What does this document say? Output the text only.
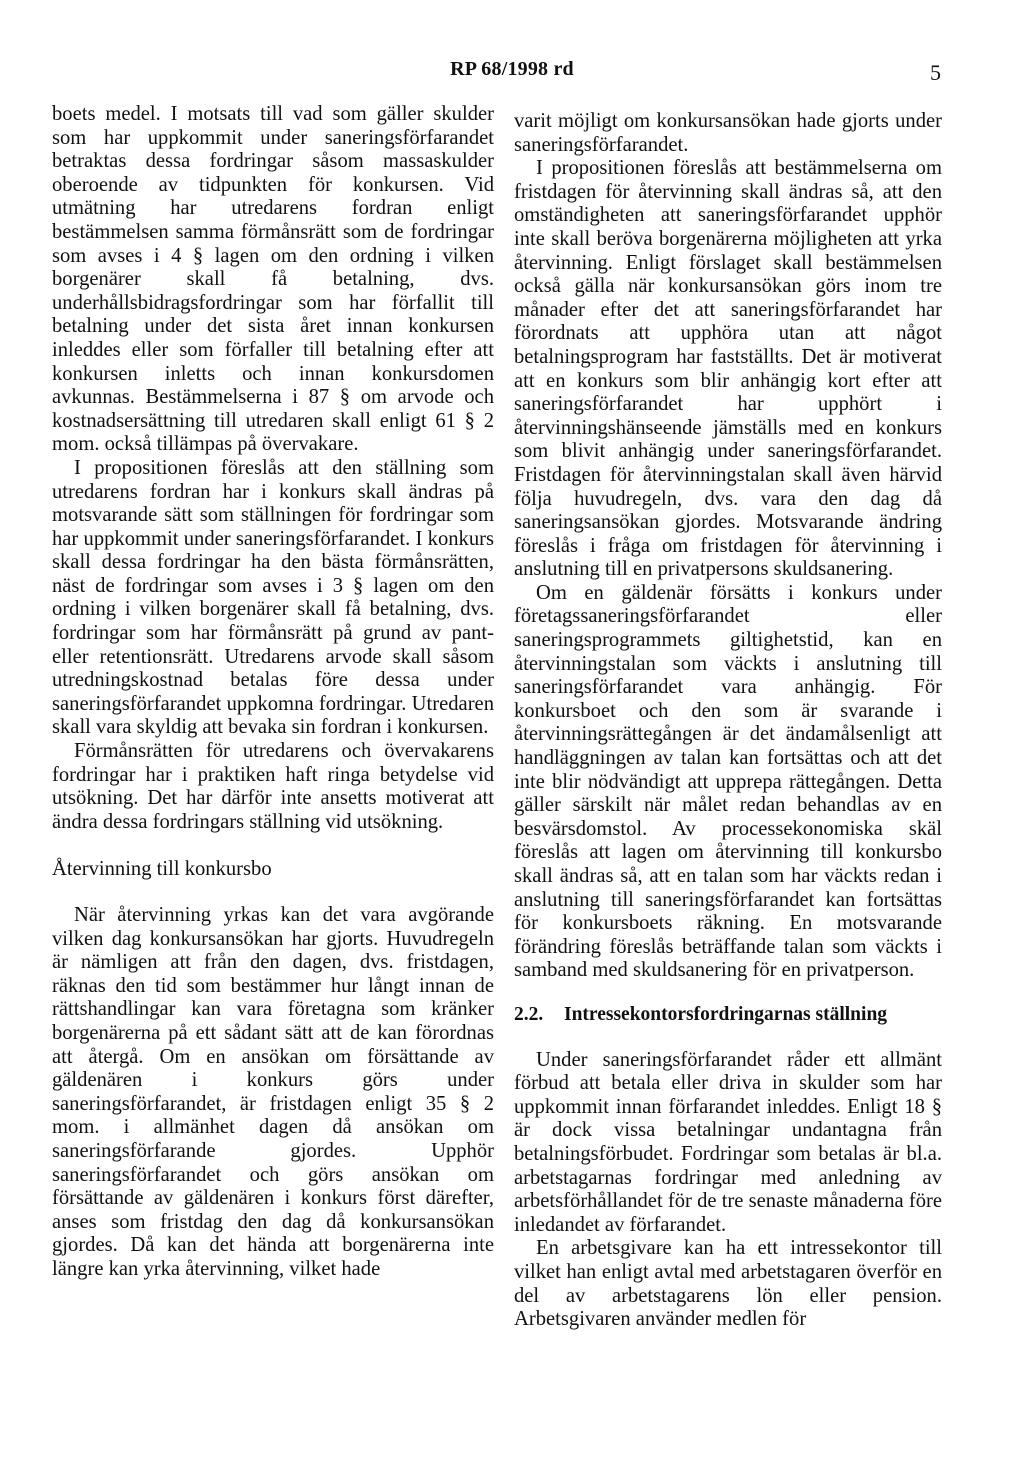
RP 68/1998 rd	5

boets medel. I motsats till vad som gäller skulder som har uppkommit under saneringsförfarandet betraktas dessa fordringar såsom massaskulder oberoende av tidpunkten för konkursen. Vid utmätning har utredarens fordran enligt bestämmelsen samma förmånsrätt som de fordringar som avses i 4 § lagen om den ordning i vilken borgenärer skall få betalning, dvs. underhållsbidragsfordringar som har förfallit till betalning under det sista året innan konkursen inleddes eller som förfaller till betalning efter att konkursen inletts och innan konkursdomen avkunnas. Bestämmelserna i 87 § om arvode och kostnadsersättning till utredaren skall enligt 61 § 2 mom. också tillämpas på övervakare.

I propositionen föreslås att den ställning som utredarens fordran har i konkurs skall ändras på motsvarande sätt som ställningen för fordringar som har uppkommit under saneringsförfarandet. I konkurs skall dessa fordringar ha den bästa förmånsrätten, näst de fordringar som avses i 3 § lagen om den ordning i vilken borgenärer skall få betalning, dvs. fordringar som har förmånsrätt på grund av pant- eller retentionsrätt. Utredarens arvode skall såsom utredningskostnad betalas före dessa under saneringsförfarandet uppkomna fordringar. Utredaren skall vara skyldig att bevaka sin fordran i konkursen.

Förmånsrätten för utredarens och övervakarens fordringar har i praktiken haft ringa betydelse vid utsökning. Det har därför inte ansetts motiverat att ändra dessa fordringars ställning vid utsökning.

Återvinning till konkursbo

När återvinning yrkas kan det vara avgörande vilken dag konkursansökan har gjorts. Huvudregeln är nämligen att från den dagen, dvs. fristdagen, räknas den tid som bestämmer hur långt innan de rättshandlingar kan vara företagna som kränker borgenärerna på ett sådant sätt att de kan förordnas att återgå. Om en ansökan om försättande av gäldenären i konkurs görs under saneringsförfarandet, är fristdagen enligt 35 § 2 mom. i allmänhet dagen då ansökan om saneringsförfarande gjordes. Upphör saneringsförfarandet och görs ansökan om försättande av gäldenären i konkurs först därefter, anses som fristdag den dag då konkursansökan gjordes. Då kan det hända att borgenärerna inte längre kan yrka återvinning, vilket hade

varit möjligt om konkursansökan hade gjorts under saneringsförfarandet.

I propositionen föreslås att bestämmelserna om fristdagen för återvinning skall ändras så, att den omständigheten att saneringsförfarandet upphör inte skall beröva borgenärerna möjligheten att yrka återvinning. Enligt förslaget skall bestämmelsen också gälla när konkursansökan görs inom tre månader efter det att saneringsförfarandet har förordnats att upphöra utan att något betalningsprogram har fastställts. Det är motiverat att en konkurs som blir anhängig kort efter att saneringsförfarandet har upphört i återvinningshänseende jämställs med en konkurs som blivit anhängig under saneringsförfarandet. Fristdagen för återvinningstalan skall även härvid följa huvudregeln, dvs. vara den dag då saneringsansökan gjordes. Motsvarande ändring föreslås i fråga om fristdagen för återvinning i anslutning till en privatpersons skuldsanering.

Om en gäldenär försätts i konkurs under företagssaneringsförfarandet eller saneringsprogrammets giltighetstid, kan en återvinningstalan som väckts i anslutning till saneringsförfarandet vara anhängig. För konkursboet och den som är svarande i återvinningsrättegången är det ändamålsenligt att handläggningen av talan kan fortsättas och att det inte blir nödvändigt att upprepa rättegången. Detta gäller särskilt när målet redan behandlas av en besvärsdomstol. Av processekonomiska skäl föreslås att lagen om återvinning till konkursbo skall ändras så, att en talan som har väckts redan i anslutning till saneringsförfarandet kan fortsättas för konkursboets räkning. En motsvarande förändring föreslås beträffande talan som väckts i samband med skuldsanering för en privatperson.

2.2.	Intressekontorsfordringarnas ställning

Under saneringsförfarandet råder ett allmänt förbud att betala eller driva in skulder som har uppkommit innan förfarandet inleddes. Enligt 18 § är dock vissa betalningar undantagna från betalningsförbudet. Fordringar som betalas är bl.a. arbetstagarnas fordringar med anledning av arbetsförhållandet för de tre senaste månaderna före inledandet av förfarandet.

En arbetsgivare kan ha ett intressekontor till vilket han enligt avtal med arbetstagaren överför en del av arbetstagarens lön eller pension. Arbetsgivaren använder medlen för
